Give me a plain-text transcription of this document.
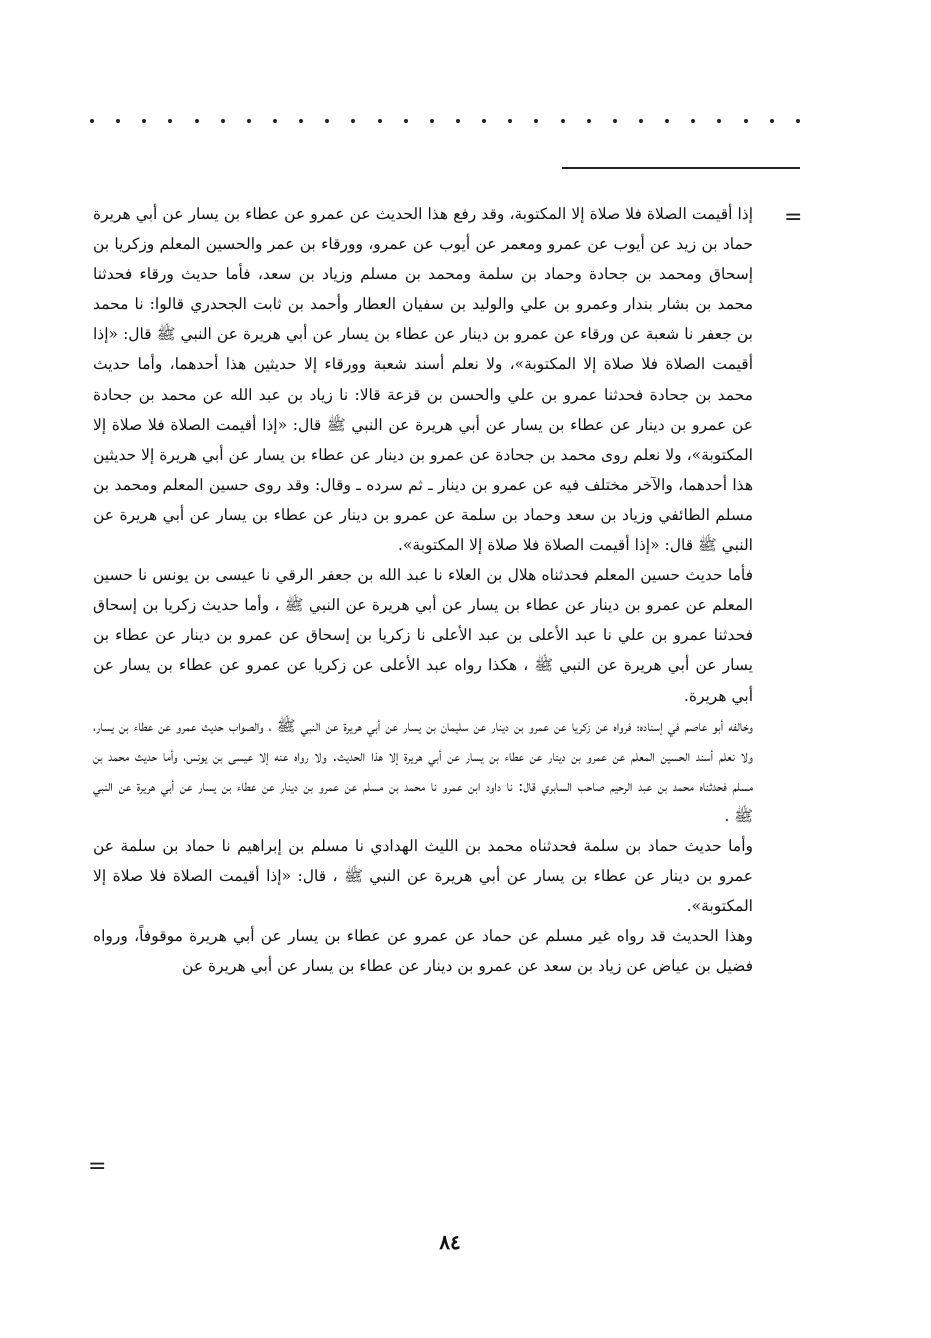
=

إذا أقيمت الصلاة فلا صلاة إلا المكتوبة، وقد رفع هذا الحديث عن عمرو عن عطاء بن يسار عن أبي هريرة حماد بن زيد عن أيوب عن عمرو ومعمر عن أيوب عن عمرو، وورقاء بن عمر والحسين المعلم وزكريا بن إسحاق ومحمد بن جحادة وحماد بن سلمة ومحمد بن مسلم وزياد بن سعد، فأما حديث ورقاء فحدثنا محمد بن بشار بندار وعمرو بن علي والوليد بن سفيان العطار وأحمد بن ثابت الجحدري قالوا: نا محمد بن جعفر نا شعبة عن ورقاء عن عمرو بن دينار عن عطاء بن يسار عن أبي هريرة عن النبي ﷺ قال: «إذا أقيمت الصلاة فلا صلاة إلا المكتوبة»، ولا نعلم أسند شعبة وورقاء إلا حديثين هذا أحدهما، وأما حديث محمد بن جحادة فحدثنا عمرو بن علي والحسن بن قزعة قالا: نا زياد بن عبد الله عن محمد بن جحادة عن عمرو بن دينار عن عطاء بن يسار عن أبي هريرة عن النبي ﷺ قال: «إذا أقيمت الصلاة فلا صلاة إلا المكتوبة»، ولا نعلم روى محمد بن جحادة عن عمرو بن دينار عن عطاء بن يسار عن أبي هريرة إلا حديثين هذا أحدهما، والآخر مختلف فيه عن عمرو بن دينار ـ ثم سرده ـ وقال: وقد روى حسين المعلم ومحمد بن مسلم الطائفي وزياد بن سعد وحماد بن سلمة عن عمرو بن دينار عن عطاء بن يسار عن أبي هريرة عن النبي ﷺ قال: «إذا أقيمت الصلاة فلا صلاة إلا المكتوبة».

فأما حديث حسين المعلم فحدثناه هلال بن العلاء نا عبد الله بن جعفر الرقي نا عيسى بن يونس نا حسين المعلم عن عمرو بن دينار عن عطاء بن يسار عن أبي هريرة عن النبي ﷺ ، وأما حديث زكريا بن إسحاق فحدثنا عمرو بن علي نا عبد الأعلى بن عبد الأعلى نا زكريا بن إسحاق عن عمرو بن دينار عن عطاء بن يسار عن أبي هريرة عن النبي ﷺ ، هكذا رواه عبد الأعلى عن زكريا عن عمرو عن عطاء بن يسار عن أبي هريرة.

وخالفه أبو عاصم في إسناده؛ فرواه عن زكريا عن عمرو بن دينار عن سليمان بن يسار عن أبي هريرة عن النبي ﷺ ، والصواب حديث عمرو عن عطاء بن يسار، ولا نعلم أسند الحسين المعلم عن عمرو بن دينار عن عطاء بن يسار عن أبي هريرة إلا هذا الحديث. ولا رواه عنه إلا عيسى بن يونس، وأما حديث محمد بن مسلم فحدثناه محمد بن عبد الرحيم صاحب السابري قال: نا داود ابن عمرو نا محمد بن مسلم عن عمرو بن دينار عن عطاء بن يسار عن أبي هريرة عن النبي ﷺ .

وأما حديث حماد بن سلمة فحدثناه محمد بن الليث الهدادي نا مسلم بن إبراهيم نا حماد بن سلمة عن عمرو بن دينار عن عطاء بن يسار عن أبي هريرة عن النبي ﷺ ، قال: «إذا أقيمت الصلاة فلا صلاة إلا المكتوبة».

وهذا الحديث قد رواه غير مسلم عن حماد عن عمرو عن عطاء بن يسار عن أبي هريرة موقوفاً، ورواه فضيل بن عياض عن زياد بن سعد عن عمرو بن دينار عن عطاء بن يسار عن أبي هريرة عن

=
٨٤
